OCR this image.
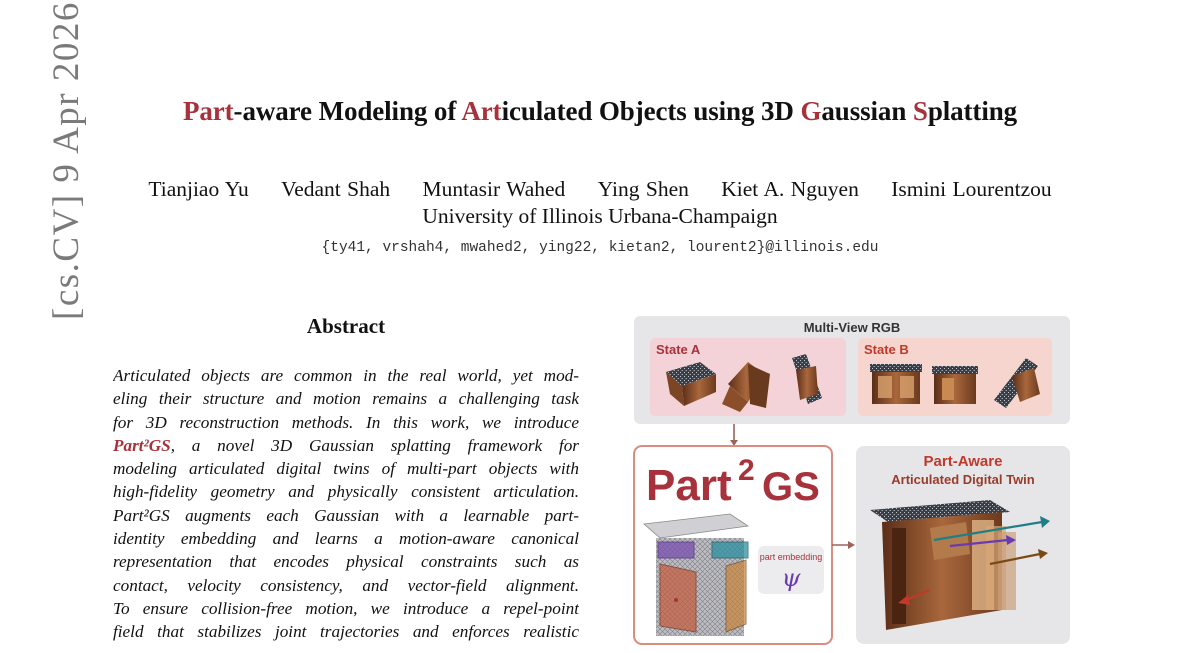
Part-aware Modeling of Articulated Objects using 3D Gaussian Splatting
Tianjiao Yu Vedant Shah Muntasir Wahed Ying Shen Kiet A. Nguyen Ismini Lourentzou
University of Illinois Urbana-Champaign
{ty41, vrshah4, mwahed2, ying22, kietan2, lourent2}@illinois.edu
[cs.CV] 9 Apr 2026
Abstract
Articulated objects are common in the real world, yet mod-
eling their structure and motion remains a challenging task
for 3D reconstruction methods. In this work, we introduce
Part²GS, a novel 3D Gaussian splatting framework for
modeling articulated digital twins of multi-part objects with
high-fidelity geometry and physically consistent articulation.
Part²GS augments each Gaussian with a learnable part-
identity embedding and learns a motion-aware canonical
representation that encodes physical constraints such as
contact, velocity consistency, and vector-field alignment.
To ensure collision-free motion, we introduce a repel-point
field that stabilizes joint trajectories and enforces realistic
Multi-View RGB
State A	State B
Part 2 GS
part embedding
ψ
Part-Aware
Articulated Digital Twin
